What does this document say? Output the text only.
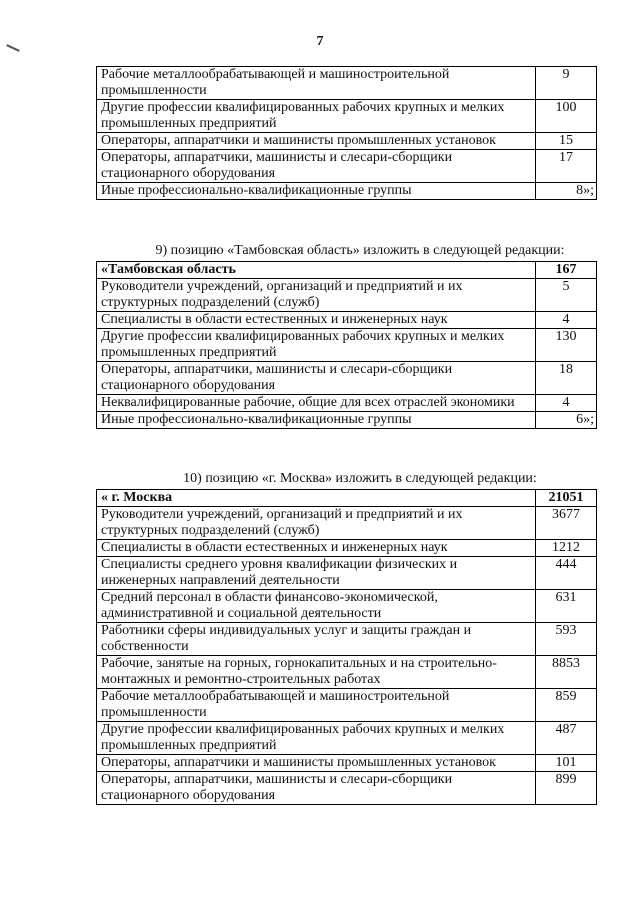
7
Рабочие металлообрабатывающей и машиностроительной промышленности	9
Другие профессии квалифицированных рабочих крупных и мелких промышленных предприятий	100
Операторы, аппаратчики и машинисты промышленных установок	15
Операторы, аппаратчики, машинисты и слесари-сборщики стационарного оборудования	17
Иные профессионально-квалификационные группы	8»;
9) позицию «Тамбовская область» изложить в следующей редакции:
«Тамбовская область	167
Руководители учреждений, организаций и предприятий и их структурных подразделений (служб)	5
Специалисты в области естественных и инженерных наук	4
Другие профессии квалифицированных рабочих крупных и мелких промышленных предприятий	130
Операторы, аппаратчики, машинисты и слесари-сборщики стационарного оборудования	18
Неквалифицированные рабочие, общие для всех отраслей экономики	4
Иные профессионально-квалификационные группы	6»;
10) позицию «г. Москва» изложить в следующей редакции:
« г. Москва	21051
Руководители учреждений, организаций и предприятий и их структурных подразделений (служб)	3677
Специалисты в области естественных и инженерных наук	1212
Специалисты среднего уровня квалификации физических и инженерных направлений деятельности	444
Средний персонал в области финансово-экономической, административной и социальной деятельности	631
Работники сферы индивидуальных услуг и защиты граждан и собственности	593
Рабочие, занятые на горных, горнокапитальных и на строительно-монтажных и ремонтно-строительных работах	8853
Рабочие металлообрабатывающей и машиностроительной промышленности	859
Другие профессии квалифицированных рабочих крупных и мелких промышленных предприятий	487
Операторы, аппаратчики и машинисты промышленных установок	101
Операторы, аппаратчики, машинисты и слесари-сборщики стационарного оборудования	899
